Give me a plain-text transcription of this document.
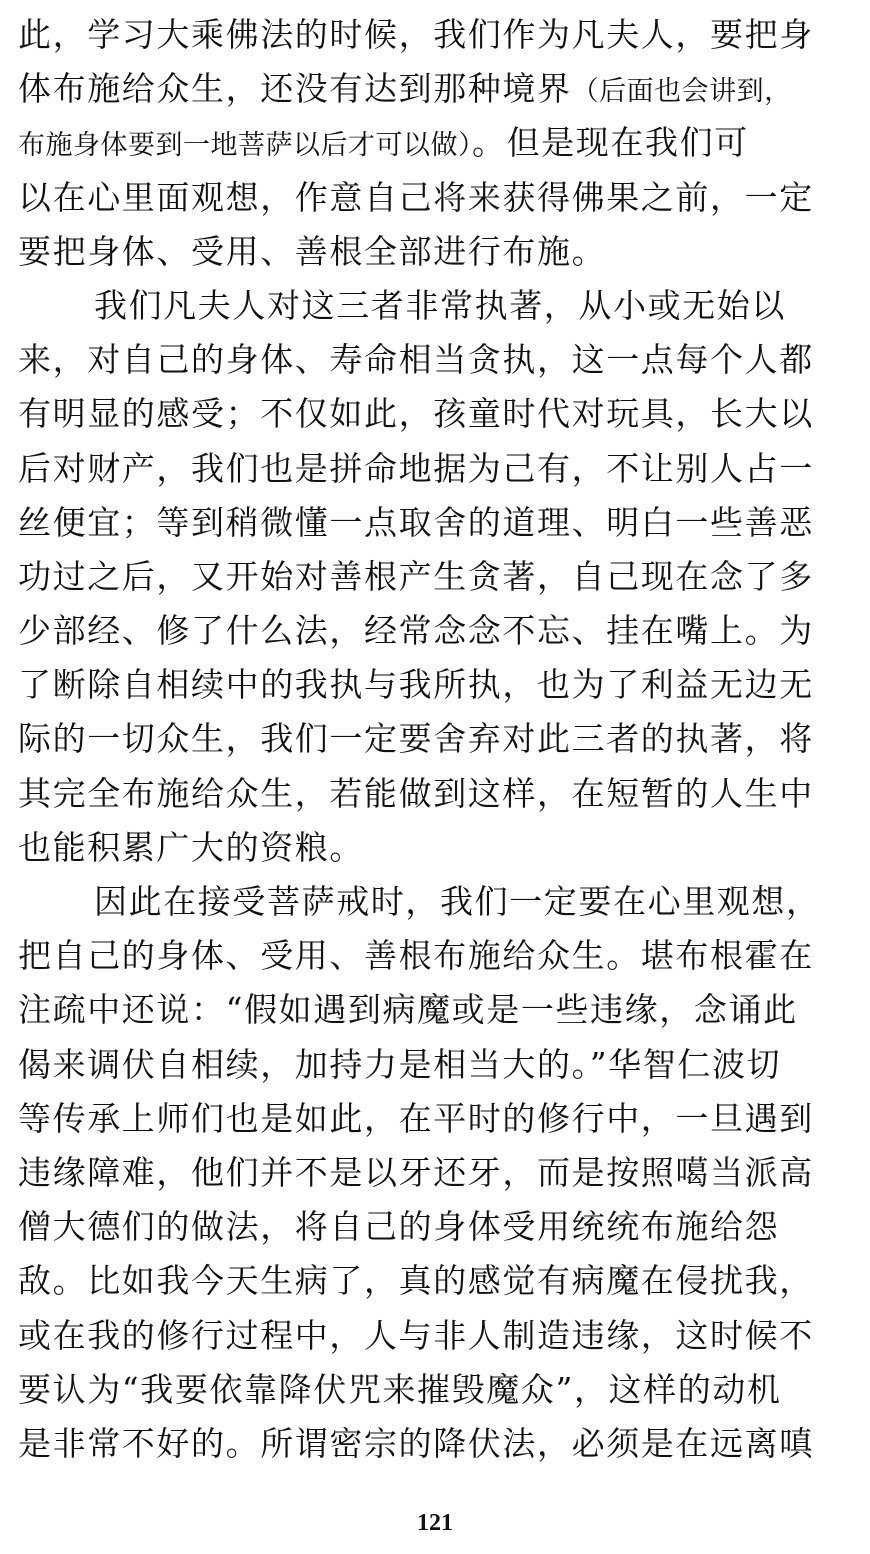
此，学习大乘佛法的时候，我们作为凡夫人，要把身
体布施给众生，还没有达到那种境界（后面也会讲到，
布施身体要到一地菩萨以后才可以做）。但是现在我们可
以在心里面观想，作意自己将来获得佛果之前，一定
要把身体、受用、善根全部进行布施。
我们凡夫人对这三者非常执著，从小或无始以
来，对自己的身体、寿命相当贪执，这一点每个人都
有明显的感受；不仅如此，孩童时代对玩具，长大以
后对财产，我们也是拼命地据为己有，不让别人占一
丝便宜；等到稍微懂一点取舍的道理、明白一些善恶
功过之后，又开始对善根产生贪著，自己现在念了多
少部经、修了什么法，经常念念不忘、挂在嘴上。为
了断除自相续中的我执与我所执，也为了利益无边无
际的一切众生，我们一定要舍弃对此三者的执著，将
其完全布施给众生，若能做到这样，在短暂的人生中
也能积累广大的资粮。
因此在接受菩萨戒时，我们一定要在心里观想，
把自己的身体、受用、善根布施给众生。堪布根霍在
注疏中还说：“假如遇到病魔或是一些违缘，念诵此
偈来调伏自相续，加持力是相当大的。”华智仁波切
等传承上师们也是如此，在平时的修行中，一旦遇到
违缘障难，他们并不是以牙还牙，而是按照噶当派高
僧大德们的做法，将自己的身体受用统统布施给怨
敌。比如我今天生病了，真的感觉有病魔在侵扰我，
或在我的修行过程中，人与非人制造违缘，这时候不
要认为“我要依靠降伏咒来摧毁魔众”，这样的动机
是非常不好的。所谓密宗的降伏法，必须是在远离嗔
121
